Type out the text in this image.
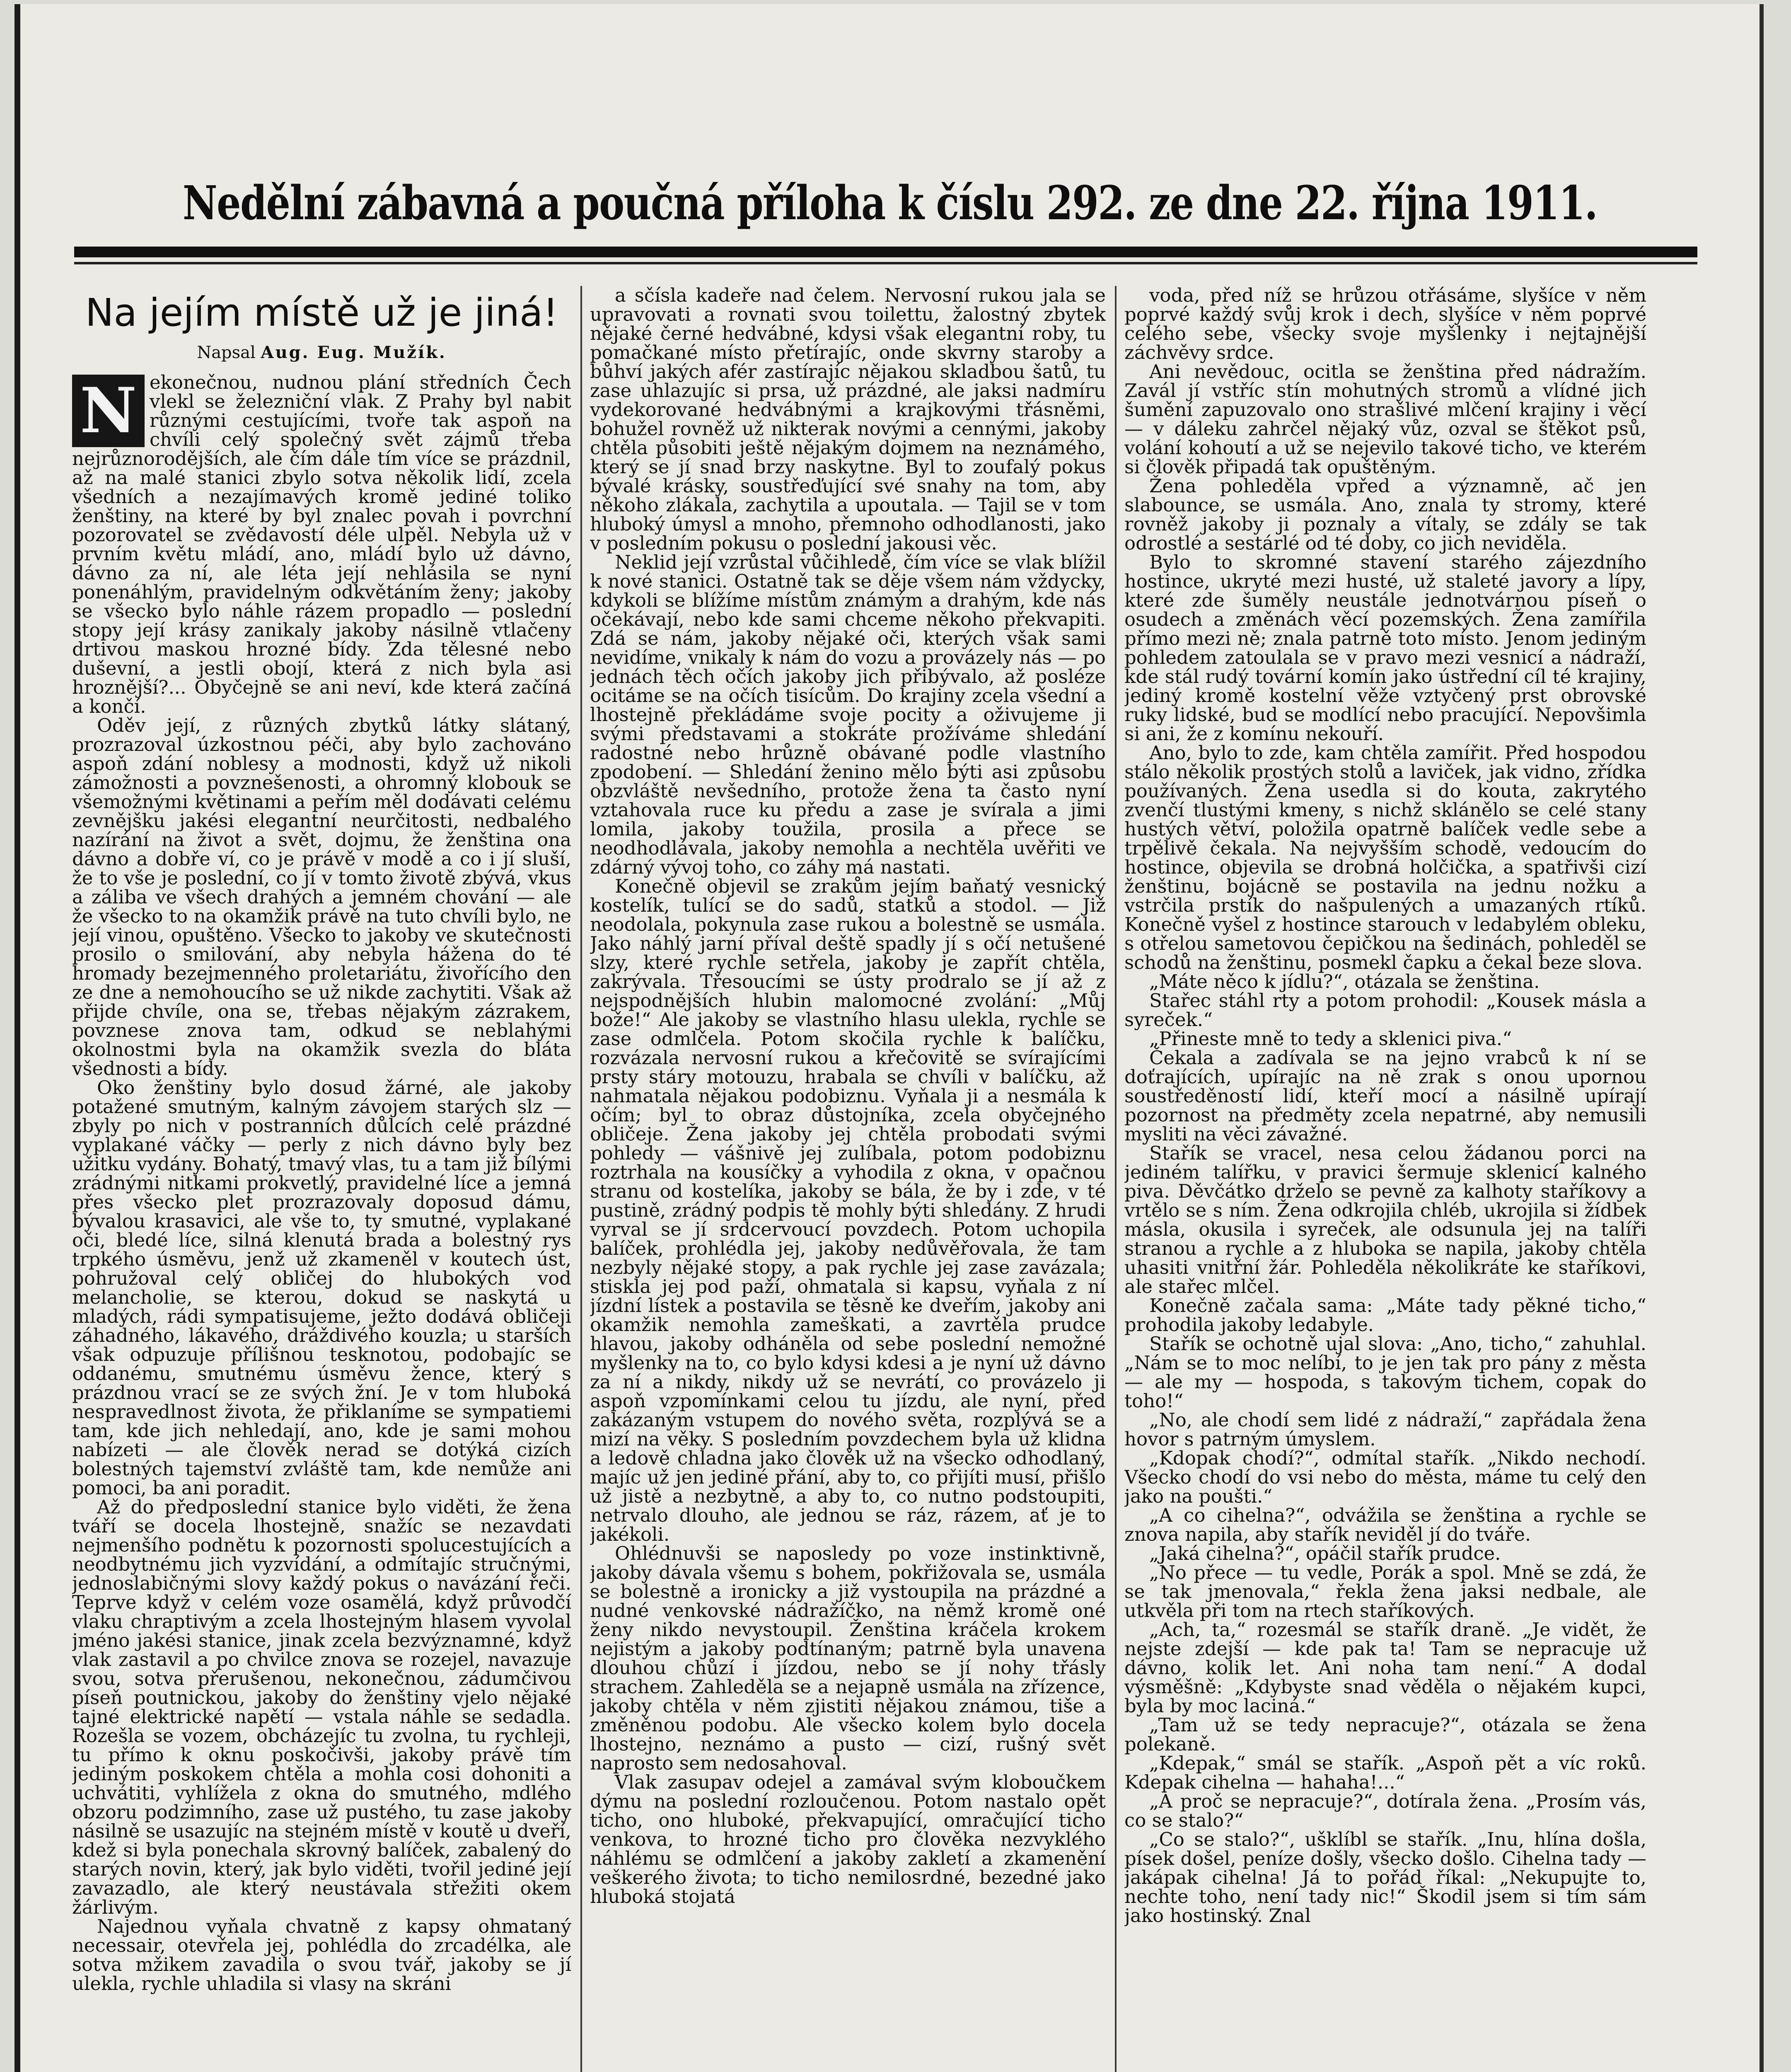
Nedělní zábavná a poučná příloha k číslu 292. ze dne 22. října 1911.
Na jejím místě už je jiná!
Napsal Aug. Eug. Mužík.
N ekonečnou, nudnou plání středních Čech vlekl se železniční vlak. Z Prahy byl nabit různými cestujícími, tvoře tak aspoň na chvíli celý společný svět zájmů třeba nejrůznorodějších, ale čím dále tím více se prázdnil, až na malé stanici zbylo sotva několik lidí, zcela všedních a nezajímavých kromě jediné toliko ženštiny, na které by byl znalec povah i povrchní pozorovatel se zvědavostí déle ulpěl. Nebyla už v prvním květu mládí, ano, mládí bylo už dávno, dávno za ní, ale léta její nehlásila se nyní ponenáhlým, pravidelným odkvětáním ženy; jakoby se všecko bylo náhle rázem propadlo — poslední stopy její krásy zanikaly jakoby násilně vtlačeny drtivou maskou hrozné bídy. Zda tělesné nebo duševní, a jestli obojí, která z nich byla asi hroznější?... Obyčejně se ani neví, kde která začíná a končí.

Oděv její, z různých zbytků látky slátaný, prozrazoval úzkostnou péči, aby bylo zachováno aspoň zdání noblesy a modnosti, když už nikoli zámožnosti a povznešenosti, a ohromný klobouk se všemožnými květinami a peřím měl dodávati celému zevnějšku jakési elegantní neurčitosti, nedbalého nazírání na život a svět, dojmu, že ženština ona dávno a dobře ví, co je právě v modě a co i jí sluší, že to vše je poslední, co jí v tomto životě zbývá, vkus a záliba ve všech drahých a jemném chování — ale že všecko to na okamžik právě na tuto chvíli bylo, ne její vinou, opuštěno. Všecko to jakoby ve skutečnosti prosilo o smilování, aby nebyla hážena do té hromady bezejmenného proletariátu, živořícího den ze dne a nemohoucího se už nikde zachytiti. Však až přijde chvíle, ona se, třebas nějakým zázrakem, povznese znova tam, odkud se neblahými okolnostmi byla na okamžik svezla do bláta všednosti a bídy.

Oko ženštiny bylo dosud žárné, ale jakoby potažené smutným, kalným závojem starých slz — zbyly po nich v postranních důlcích celé prázdné vyplakané váčky — perly z nich dávno byly bez užitku vydány. Bohatý, tmavý vlas, tu a tam již bílými zrádnými nitkami prokvetlý, pravidelné líce a jemná přes všecko plet prozrazovaly doposud dámu, bývalou krasavici, ale vše to, ty smutné, vyplakané oči, bledé líce, silná klenutá brada a bolestný rys trpkého úsměvu, jenž už zkameněl v koutech úst, pohružoval celý obličej do hlubokých vod melancholie, se kterou, dokud se naskytá u mladých, rádi sympatisujeme, ježto dodává obličeji záhadného, lákavého, dráždivého kouzla; u starších však odpuzuje přílišnou tesknotou, podobajíc se oddanému, smutnému úsměvu žence, který s prázdnou vrací se ze svých žní. Je v tom hluboká nespravedlnost života, že přiklaníme se sympatiemi tam, kde jich nehledají, ano, kde je sami mohou nabízeti — ale člověk nerad se dotýká cizích bolestných tajemství zvláště tam, kde nemůže ani pomoci, ba ani poradit.

Až do předposlední stanice bylo viděti, že žena tváří se docela lhostejně, snažíc se nezavdati nejmenšího podnětu k pozornosti spolucestujících a neodbytnému jich vyzvídání, a odmítajíc stručnými, jednoslabičnými slovy každý pokus o navázání řeči. Teprve když v celém voze osamělá, když průvodčí vlaku chraptivým a zcela lhostejným hlasem vyvolal jméno jakési stanice, jinak zcela bezvýznamné, když vlak zastavil a po chvilce znova se rozejel, navazuje svou, sotva přerušenou, nekonečnou, zádumčivou píseň poutnickou, jakoby do ženštiny vjelo nějaké tajné elektrické napětí — vstala náhle se sedadla. Rozešla se vozem, obcházejíc tu zvolna, tu rychleji, tu přímo k oknu poskočivši, jakoby právě tím jediným poskokem chtěla a mohla cosi dohoniti a uchvátiti, vyhlížela z okna do smutného, mdlého obzoru podzimního, zase už pustého, tu zase jakoby násilně se usazujíc na stejném místě v koutě u dveří, kdež si byla ponechala skrovný balíček, zabalený do starých novin, který, jak bylo viděti, tvořil jediné její zavazadlo, ale který neustávala střežiti okem žárlivým.

Najednou vyňala chvatně z kapsy ohmataný necessair, otevřela jej, pohlédla do zrcadélka, ale sotva mžikem zavadila o svou tvář, jakoby se jí ulekla, rychle uhladila si vlasy na skráni

a sčísla kadeře nad čelem. Nervosní rukou jala se upravovati a rovnati svou toilettu, žalostný zbytek nějaké černé hedvábné, kdysi však elegantní roby, tu pomačkané místo přetírajíc, onde skvrny staroby a bůhví jakých afér zastírajíc nějakou skladbou šatů, tu zase uhlazujíc si prsa, už prázdné, ale jaksi nadmíru vydekorované hedvábnými a krajkovými třásněmi, bohužel rovněž už nikterak novými a cennými, jakoby chtěla působiti ještě nějakým dojmem na neznámého, který se jí snad brzy naskytne. Byl to zoufalý pokus bývalé krásky, soustřeďující své snahy na tom, aby někoho zlákala, zachytila a upoutala. — Tajil se v tom hluboký úmysl a mnoho, přemnoho odhodlanosti, jako v posledním pokusu o poslední jakousi věc.

Neklid její vzrůstal vůčihledě, čím více se vlak blížil k nové stanici. Ostatně tak se děje všem nám vždycky, kdykoli se blížíme místům známým a drahým, kde nás očekávají, nebo kde sami chceme někoho překvapiti. Zdá se nám, jakoby nějaké oči, kterých však sami nevidíme, vnikaly k nám do vozu a provázely nás — po jednách těch očích jakoby jich přibývalo, až posléze ocitáme se na očích tisícům. Do krajiny zcela všední a lhostejně překládáme svoje pocity a oživujeme ji svými představami a stokráte prožíváme shledání radostné nebo hrůzně obávané podle vlastního zpodobení. — Shledání ženino mělo býti asi způsobu obzvláště nevšedního, protože žena ta často nyní vztahovala ruce ku předu a zase je svírala a jimi lomila, jakoby toužila, prosila a přece se neodhodlávala, jakoby nemohla a nechtěla uvěřiti ve zdárný vývoj toho, co záhy má nastati.

Konečně objevil se zrakům jejím baňatý vesnický kostelík, tulící se do sadů, statků a stodol. — Již neodolala, pokynula zase rukou a bolestně se usmála. Jako náhlý jarní příval deště spadly jí s očí netušené slzy, které rychle setřela, jakoby je zapřít chtěla, zakrývala. Třesoucími se ústy prodralo se jí až z nejspodnějších hlubin malomocné zvolání: „Můj bože!“ Ale jakoby se vlastního hlasu ulekla, rychle se zase odmlčela. Potom skočila rychle k balíčku, rozvázala nervosní rukou a křečovitě se svírajícími prsty stáry motouzu, hrabala se chvíli v balíčku, až nahmatala nějakou podobiznu. Vyňala ji a nesmála k očím; byl to obraz důstojníka, zcela obyčejného obličeje. Žena jakoby jej chtěla probodati svými pohledy — vášnivě jej zulíbala, potom podobiznu roztrhala na kousíčky a vyhodila z okna, v opačnou stranu od kostelíka, jakoby se bála, že by i zde, v té pustině, zrádný podpis tě mohly býti shledány. Z hrudi vyrval se jí srdcervoucí povzdech. Potom uchopila balíček, prohlédla jej, jakoby nedůvěřovala, že tam nezbyly nějaké stopy, a pak rychle jej zase zavázala; stiskla jej pod paží, ohmatala si kapsu, vyňala z ní jízdní lístek a postavila se těsně ke dveřím, jakoby ani okamžik nemohla zameškati, a zavrtěla prudce hlavou, jakoby odháněla od sebe poslední nemožné myšlenky na to, co bylo kdysi kdesi a je nyní už dávno za ní a nikdy, nikdy už se nevrátí, co provázelo ji aspoň vzpomínkami celou tu jízdu, ale nyní, před zakázaným vstupem do nového světa, rozplývá se a mizí na věky. S posledním povzdechem byla už klidna a ledově chladna jako člověk už na všecko odhodlaný, majíc už jen jediné přání, aby to, co přijíti musí, přišlo už jistě a nezbytně, a aby to, co nutno podstoupiti, netrvalo dlouho, ale jednou se ráz, rázem, ať je to jakékoli.

Ohlédnuvši se naposledy po voze instinktivně, jakoby dávala všemu s bohem, pokřižovala se, usmála se bolestně a ironicky a již vystoupila na prázdné a nudné venkovské nádražíčko, na němž kromě oné ženy nikdo nevystoupil. Ženština kráčela krokem nejistým a jakoby podtínaným; patrně byla unavena dlouhou chůzí i jízdou, nebo se jí nohy třásly strachem. Zahleděla se a nejapně usmála na zřízence, jakoby chtěla v něm zjistiti nějakou známou, tiše a změněnou podobu. Ale všecko kolem bylo docela lhostejno, neznámo a pusto — cizí, rušný svět naprosto sem nedosahoval.

Vlak zasupav odejel a zamával svým kloboučkem dýmu na poslední rozloučenou. Potom nastalo opět ticho, ono hluboké, překvapující, omračující ticho venkova, to hrozné ticho pro člověka nezvyklého náhlému se odmlčení a jakoby zakletí a zkamenění veškerého života; to ticho nemilosrdné, bezedné jako hluboká stojatá

voda, před níž se hrůzou otřásáme, slyšíce v něm poprvé každý svůj krok i dech, slyšíce v něm poprvé celého sebe, všecky svoje myšlenky i nejtajnější záchvěvy srdce.

Ani nevědouc, ocitla se ženština před nádražím. Zavál jí vstříc stín mohutných stromů a vlídné jich šumění zapuzovalo ono strašlivé mlčení krajiny i věcí — v dáleku zahrčel nějaký vůz, ozval se štěkot psů, volání kohoutí a už se nejevilo takové ticho, ve kterém si člověk připadá tak opuštěným.

Žena pohleděla vpřed a významně, ač jen slabounce, se usmála. Ano, znala ty stromy, které rovněž jakoby ji poznaly a vítaly, se zdály se tak odrostlé a sestárlé od té doby, co jich neviděla.

Bylo to skromné stavení starého zájezdního hostince, ukryté mezi husté, už staleté javory a lípy, které zde šuměly neustále jednotvárnou píseň o osudech a změnách věcí pozemských. Žena zamířila přímo mezi ně; znala patrně toto místo. Jenom jediným pohledem zatoulala se v pravo mezi vesnicí a nádraží, kde stál rudý tovární komín jako ústřední cíl té krajiny, jediný kromě kostelní věže vztyčený prst obrovské ruky lidské, bud se modlící nebo pracující. Nepovšimla si ani, že z komínu nekouří.

Ano, bylo to zde, kam chtěla zamířit. Před hospodou stálo několik prostých stolů a laviček, jak vidno, zřídka používaných. Žena usedla si do kouta, zakrytého zvenčí tlustými kmeny, s nichž sklánělo se celé stany hustých větví, položila opatrně balíček vedle sebe a trpělivě čekala. Na nejvyšším schodě, vedoucím do hostince, objevila se drobná holčička, a spatřivši cizí ženštinu, bojácně se postavila na jednu nožku a vstrčila prstík do našpulených a umazaných rtíků. Konečně vyšel z hostince starouch v ledabylém obleku, s otřelou sametovou čepičkou na šedinách, pohleděl se schodů na ženštinu, posmekl čapku a čekal beze slova.

„Máte něco k jídlu?“, otázala se ženština.

Stařec stáhl rty a potom prohodil: „Kousek másla a syreček.“

„Přineste mně to tedy a sklenici piva.“

Čekala a zadívala se na jejno vrabců k ní se doťrajících, upírajíc na ně zrak s onou upornou soustředěností lidí, kteří mocí a násilně upírají pozornost na předměty zcela nepatrné, aby nemusili mysliti na věci závažné.

Stařík se vracel, nesa celou žádanou porci na jediném talířku, v pravici šermuje sklenicí kalného piva. Děvčátko drželo se pevně za kalhoty staříkovy a vrtělo se s ním. Žena odkrojila chléb, ukrojila si žídbek másla, okusila i syreček, ale odsunula jej na talíři stranou a rychle a z hluboka se napila, jakoby chtěla uhasiti vnitřní žár. Pohleděla několikráte ke staříkovi, ale stařec mlčel.

Konečně začala sama: „Máte tady pěkné ticho,“ prohodila jakoby ledabyle.

Stařík se ochotně ujal slova: „Ano, ticho,“ zahuhlal. „Nám se to moc nelíbí, to je jen tak pro pány z města — ale my — hospoda, s takovým tichem, copak do toho!“

„No, ale chodí sem lidé z nádraží,“ zapřádala žena hovor s patrným úmyslem.

„Kdopak chodí?“, odmítal stařík. „Nikdo nechodí. Všecko chodí do vsi nebo do města, máme tu celý den jako na poušti.“

„A co cihelna?“, odvážila se ženština a rychle se znova napila, aby stařík neviděl jí do tváře.

„Jaká cihelna?“, opáčil stařík prudce.

„No přece — tu vedle, Porák a spol. Mně se zdá, že se tak jmenovala,“ řekla žena jaksi nedbale, ale utkvěla při tom na rtech staříkových.

„Ach, ta,“ rozesmál se stařík draně. „Je vidět, že nejste zdejší — kde pak ta! Tam se nepracuje už dávno, kolik let. Ani noha tam není.“ A dodal výsměšně: „Kdybyste snad věděla o nějakém kupci, byla by moc laciná.“

„Tam už se tedy nepracuje?“, otázala se žena polekaně.

„Kdepak,“ smál se stařík. „Aspoň pět a víc roků. Kdepak cihelna — hahaha!...“

„A proč se nepracuje?“, dotírala žena. „Prosím vás, co se stalo?“

„Co se stalo?“, ušklíbl se stařík. „Inu, hlína došla, písek došel, peníze došly, všecko došlo. Cihelna tady — jakápak cihelna! Já to pořád říkal: „Nekupujte to, nechte toho, není tady nic!“ Škodil jsem si tím sám jako hostinský. Znal
